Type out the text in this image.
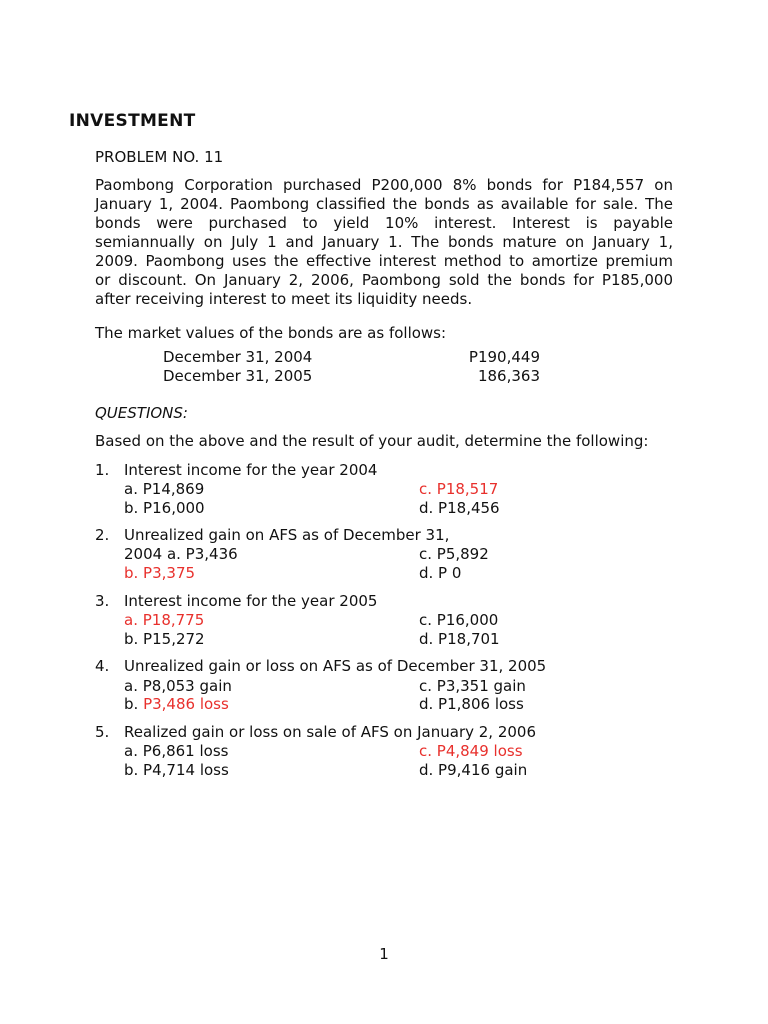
INVESTMENT
PROBLEM NO. 11
Paombong Corporation purchased P200,000 8% bonds for P184,557 on
January 1, 2004. Paombong classified the bonds as available for sale. The
bonds were purchased to yield 10% interest. Interest is payable
semiannually on July 1 and January 1. The bonds mature on January 1,
2009. Paombong uses the effective interest method to amortize premium
or discount. On January 2, 2006, Paombong sold the bonds for P185,000
after receiving interest to meet its liquidity needs.
The market values of the bonds are as follows:
December 31, 2004	P190,449
December 31, 2005	186,363
QUESTIONS:
Based on the above and the result of your audit, determine the following:
1. Interest income for the year 2004
a. P14,869	c. P18,517
b. P16,000	d. P18,456
2. Unrealized gain on AFS as of December 31,
2004 a. P3,436	c. P5,892
b. P3,375	d. P 0
3. Interest income for the year 2005
a. P18,775	c. P16,000
b. P15,272	d. P18,701
4. Unrealized gain or loss on AFS as of December 31, 2005
a. P8,053 gain	c. P3,351 gain
b. P3,486 loss	d. P1,806 loss
5. Realized gain or loss on sale of AFS on January 2, 2006
a. P6,861 loss	c. P4,849 loss
b. P4,714 loss	d. P9,416 gain
1
